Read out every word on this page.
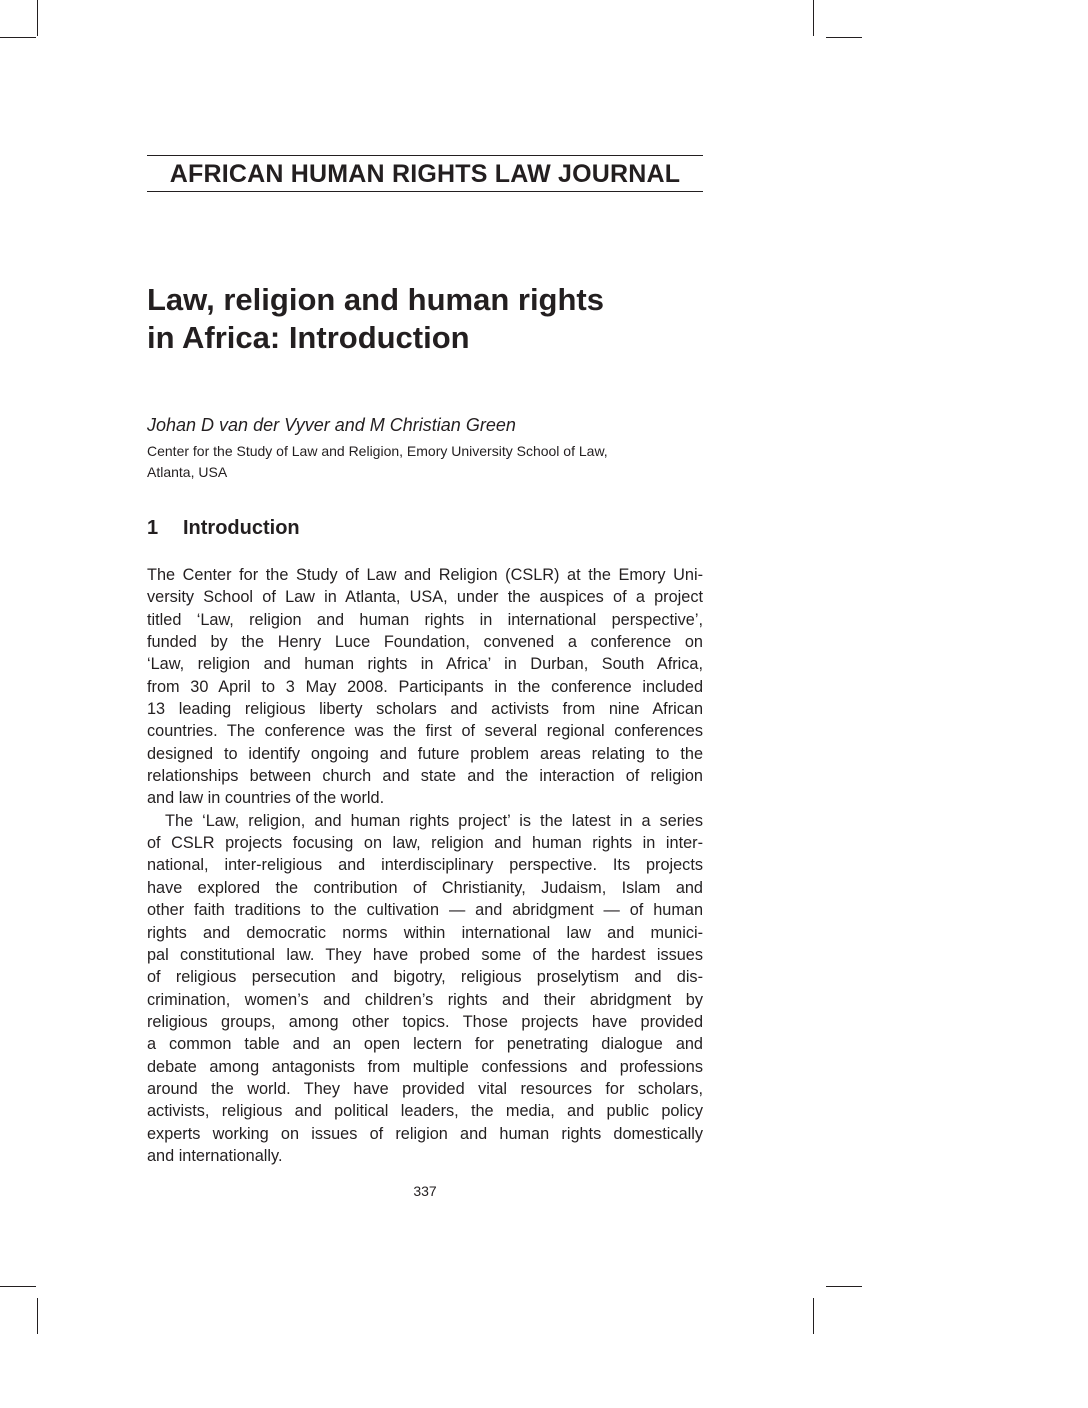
AFRICAN HUMAN RIGHTS LAW JOURNAL
Law, religion and human rights
in Africa: Introduction
Johan D van der Vyver and M Christian Green
Center for the Study of Law and Religion, Emory University School of Law,
Atlanta, USA
1 Introduction
The Center for the Study of Law and Religion (CSLR) at the Emory Uni-
versity School of Law in Atlanta, USA, under the auspices of a project
titled ‘Law, religion and human rights in international perspective’,
funded by the Henry Luce Foundation, convened a conference on
‘Law, religion and human rights in Africa’ in Durban, South Africa,
from 30 April to 3 May 2008. Participants in the conference included
13 leading religious liberty scholars and activists from nine African
countries. The conference was the first of several regional conferences
designed to identify ongoing and future problem areas relating to the
relationships between church and state and the interaction of religion
and law in countries of the world.
The ‘Law, religion, and human rights project’ is the latest in a series
of CSLR projects focusing on law, religion and human rights in inter-
national, inter-religious and interdisciplinary perspective. Its projects
have explored the contribution of Christianity, Judaism, Islam and
other faith traditions to the cultivation — and abridgment — of human
rights and democratic norms within international law and munici-
pal constitutional law. They have probed some of the hardest issues
of religious persecution and bigotry, religious proselytism and dis-
crimination, women’s and children’s rights and their abridgment by
religious groups, among other topics. Those projects have provided
a common table and an open lectern for penetrating dialogue and
debate among antagonists from multiple confessions and professions
around the world. They have provided vital resources for scholars,
activists, religious and political leaders, the media, and public policy
experts working on issues of religion and human rights domestically
and internationally.
337
